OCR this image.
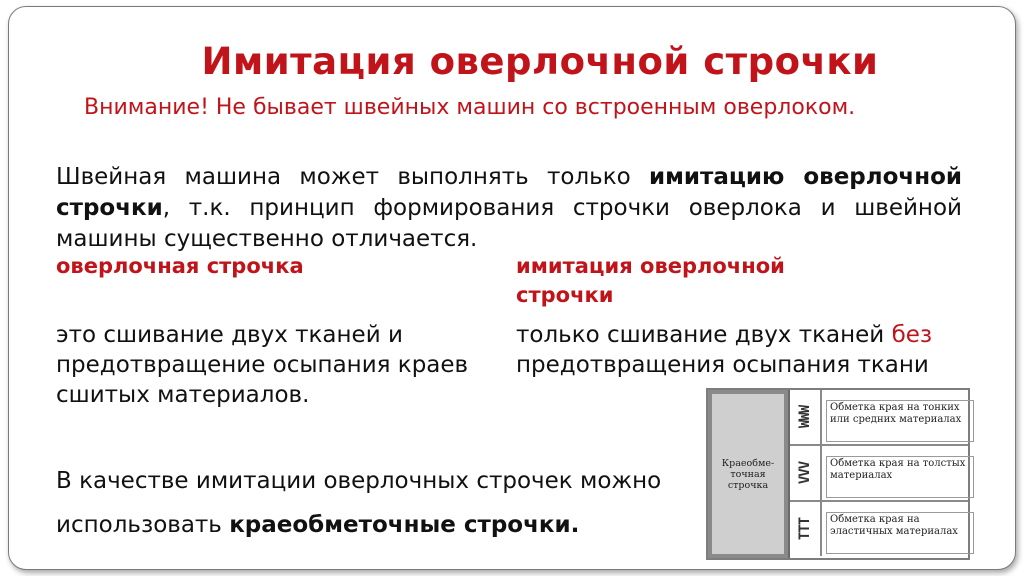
Имитация оверлочной строчки
Внимание! Не бывает швейных машин со встроенным оверлоком.
Швейная машина может выполнять только имитацию оверлочной строчки, т.к. принцип формирования строчки оверлока и швейной машины существенно отличается.
оверлочная строчка
это сшивание двух тканей и предотвращение осыпания краев сшитых материалов.
имитация оверлочной строчки
только сшивание двух тканей без предотвращения осыпания ткани
В качестве имитации оверлочных строчек можно
использовать краеобметочные строчки.
Краеобме-точная строчка
WWW	Обметка края на тонких или средних материалах
VVV	Обметка края на толстых материалах
TTT	Обметка края на эластичных материалах
